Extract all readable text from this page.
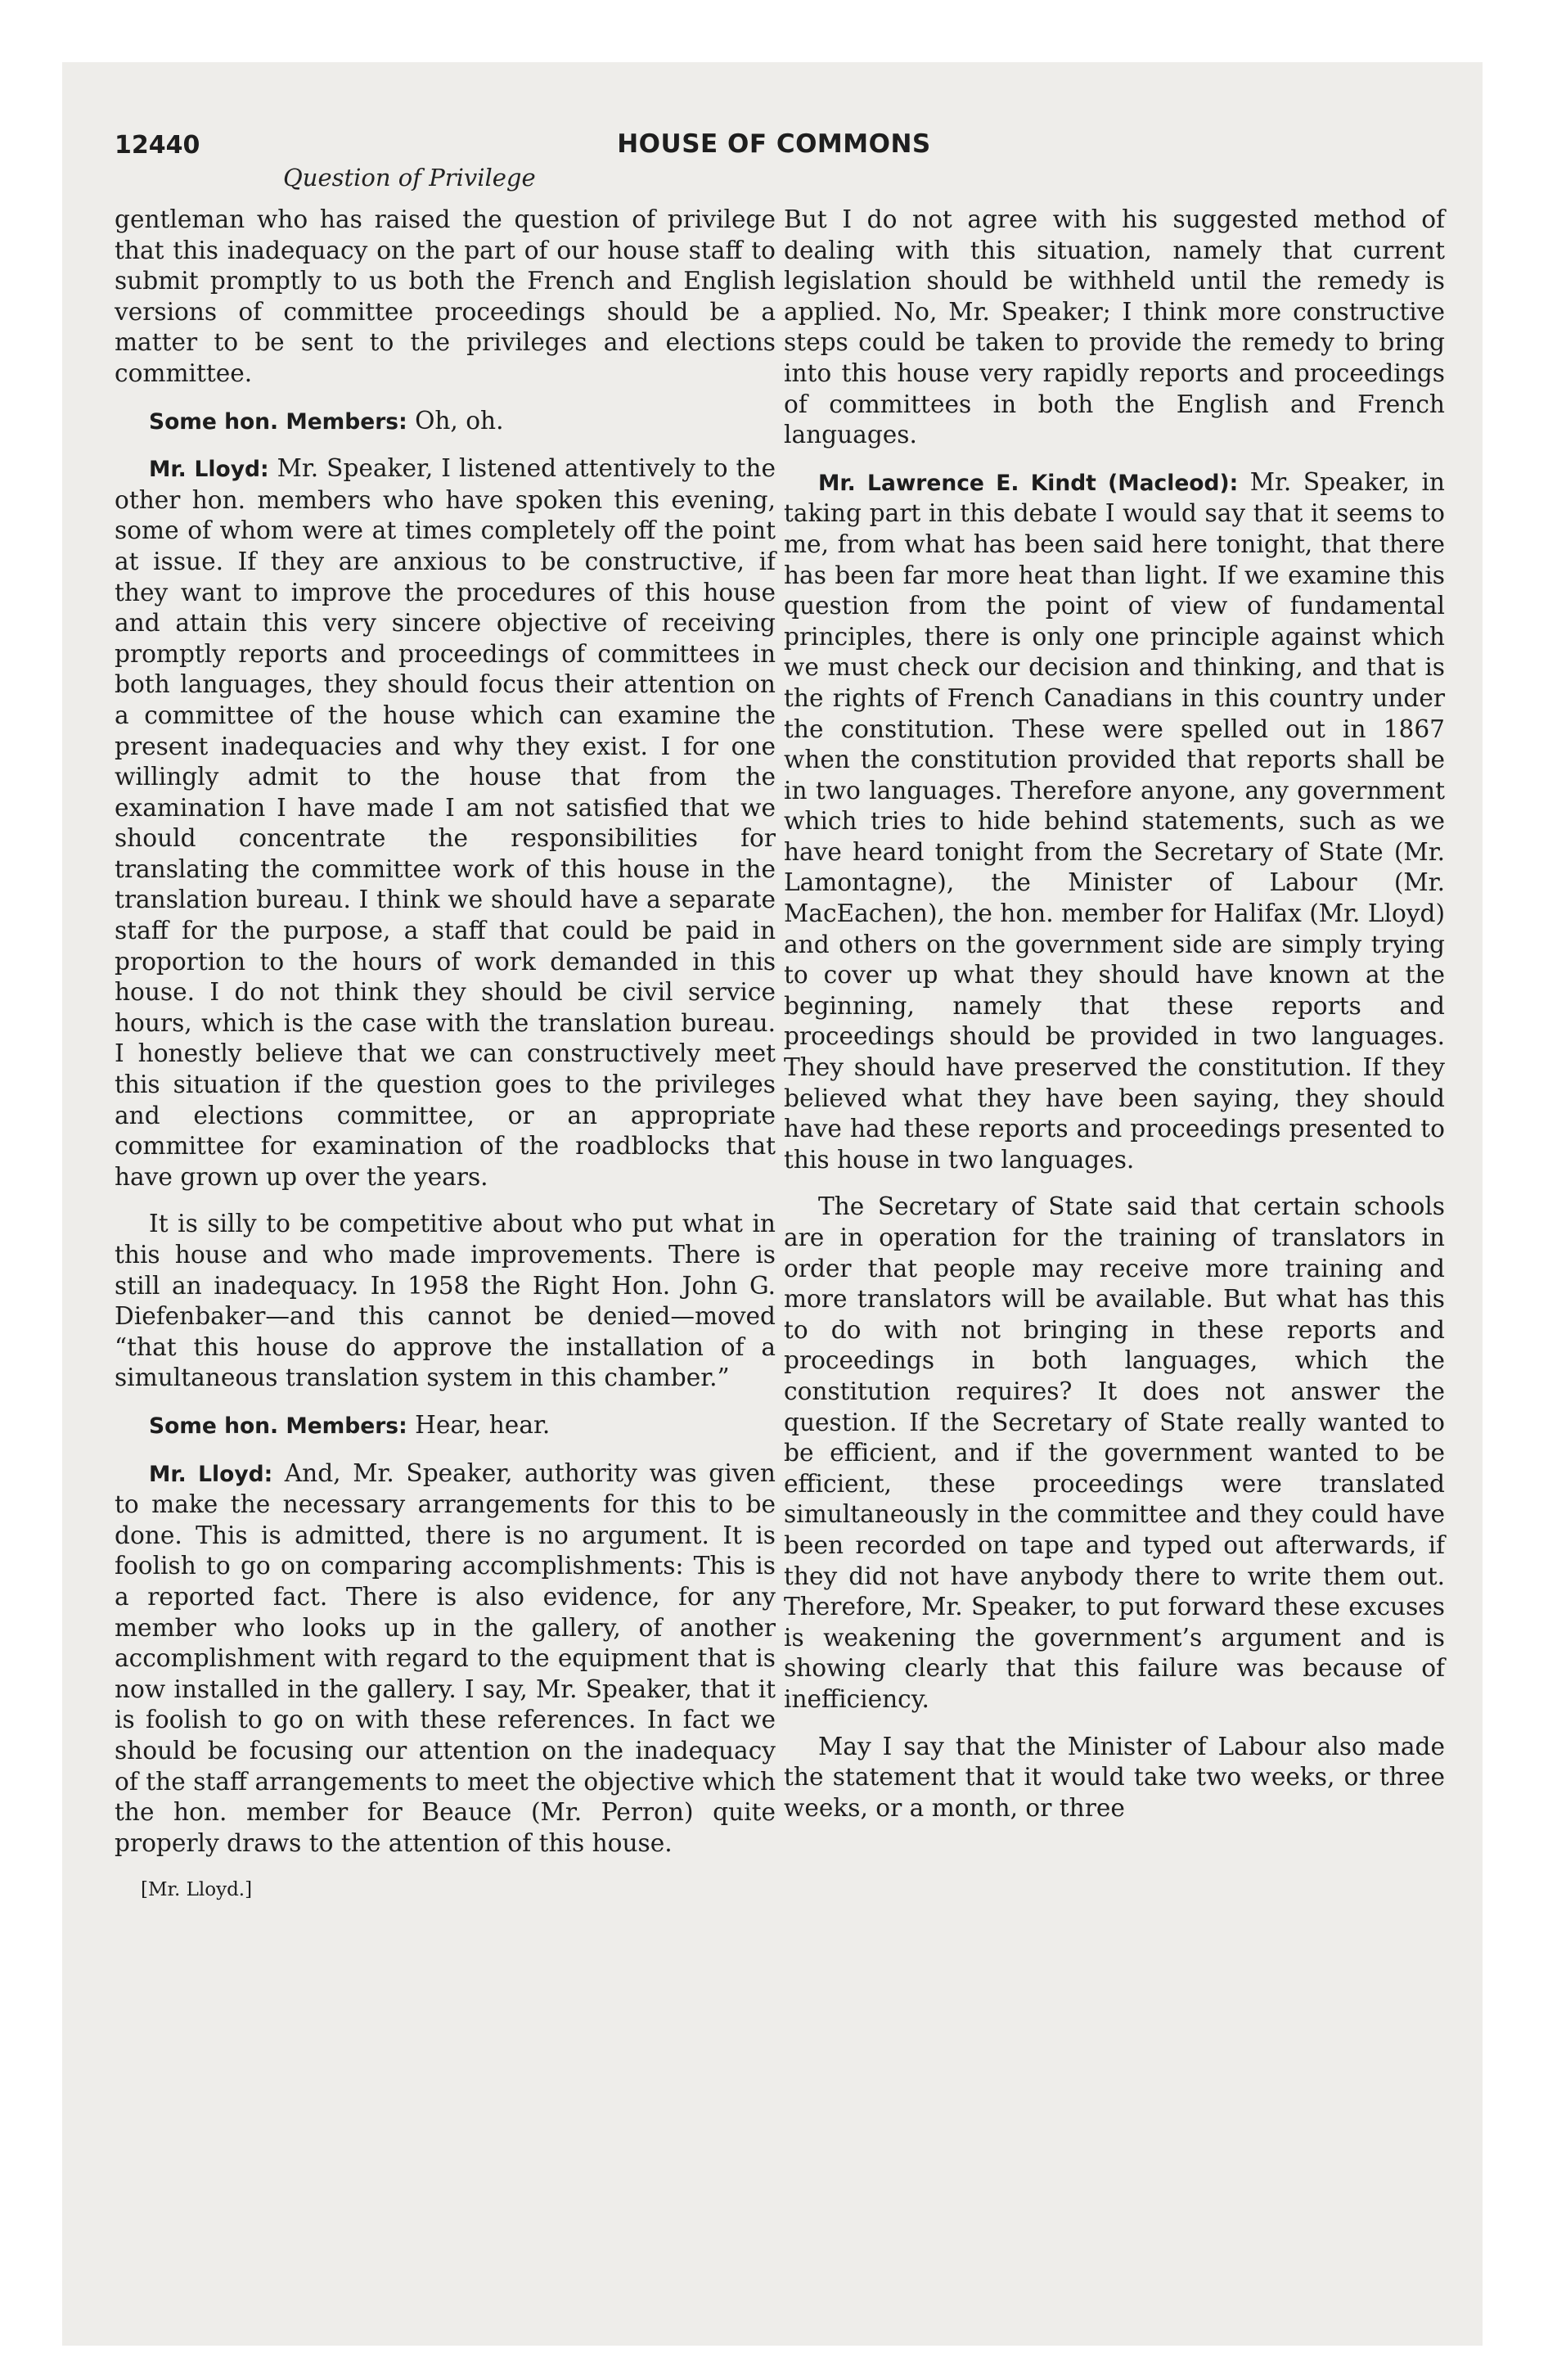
12440	HOUSE OF COMMONS
Question of Privilege

gentleman who has raised the question of privilege that this inadequacy on the part of our house staff to submit promptly to us both the French and English versions of committee proceedings should be a matter to be sent to the privileges and elections committee.

Some hon. Members: Oh, oh.

Mr. Lloyd: Mr. Speaker, I listened attentively to the other hon. members who have spoken this evening, some of whom were at times completely off the point at issue. If they are anxious to be constructive, if they want to improve the procedures of this house and attain this very sincere objective of receiving promptly reports and proceedings of committees in both languages, they should focus their attention on a committee of the house which can examine the present inadequacies and why they exist. I for one willingly admit to the house that from the examination I have made I am not satisfied that we should concentrate the responsibilities for translating the committee work of this house in the translation bureau. I think we should have a separate staff for the purpose, a staff that could be paid in proportion to the hours of work demanded in this house. I do not think they should be civil service hours, which is the case with the translation bureau. I honestly believe that we can constructively meet this situation if the question goes to the privileges and elections committee, or an appropriate committee for examination of the roadblocks that have grown up over the years.

It is silly to be competitive about who put what in this house and who made improvements. There is still an inadequacy. In 1958 the Right Hon. John G. Diefenbaker—and this cannot be denied—moved “that this house do approve the installation of a simultaneous translation system in this chamber.”

Some hon. Members: Hear, hear.

Mr. Lloyd: And, Mr. Speaker, authority was given to make the necessary arrangements for this to be done. This is admitted, there is no argument. It is foolish to go on comparing accomplishments: This is a reported fact. There is also evidence, for any member who looks up in the gallery, of another accomplishment with regard to the equipment that is now installed in the gallery. I say, Mr. Speaker, that it is foolish to go on with these references. In fact we should be focusing our attention on the inadequacy of the staff arrangements to meet the objective which the hon. member for Beauce (Mr. Perron) quite properly draws to the attention of this house.

[Mr. Lloyd.]

But I do not agree with his suggested method of dealing with this situation, namely that current legislation should be withheld until the remedy is applied. No, Mr. Speaker; I think more constructive steps could be taken to provide the remedy to bring into this house very rapidly reports and proceedings of committees in both the English and French languages.

Mr. Lawrence E. Kindt (Macleod): Mr. Speaker, in taking part in this debate I would say that it seems to me, from what has been said here tonight, that there has been far more heat than light. If we examine this question from the point of view of fundamental principles, there is only one principle against which we must check our decision and thinking, and that is the rights of French Canadians in this country under the constitution. These were spelled out in 1867 when the constitution provided that reports shall be in two languages. Therefore anyone, any government which tries to hide behind statements, such as we have heard tonight from the Secretary of State (Mr. Lamontagne), the Minister of Labour (Mr. MacEachen), the hon. member for Halifax (Mr. Lloyd) and others on the government side are simply trying to cover up what they should have known at the beginning, namely that these reports and proceedings should be provided in two languages. They should have preserved the constitution. If they believed what they have been saying, they should have had these reports and proceedings presented to this house in two languages.

The Secretary of State said that certain schools are in operation for the training of translators in order that people may receive more training and more translators will be available. But what has this to do with not bringing in these reports and proceedings in both languages, which the constitution requires? It does not answer the question. If the Secretary of State really wanted to be efficient, and if the government wanted to be efficient, these proceedings were translated simultaneously in the committee and they could have been recorded on tape and typed out afterwards, if they did not have anybody there to write them out. Therefore, Mr. Speaker, to put forward these excuses is weakening the government’s argument and is showing clearly that this failure was because of inefficiency.

May I say that the Minister of Labour also made the statement that it would take two weeks, or three weeks, or a month, or three
